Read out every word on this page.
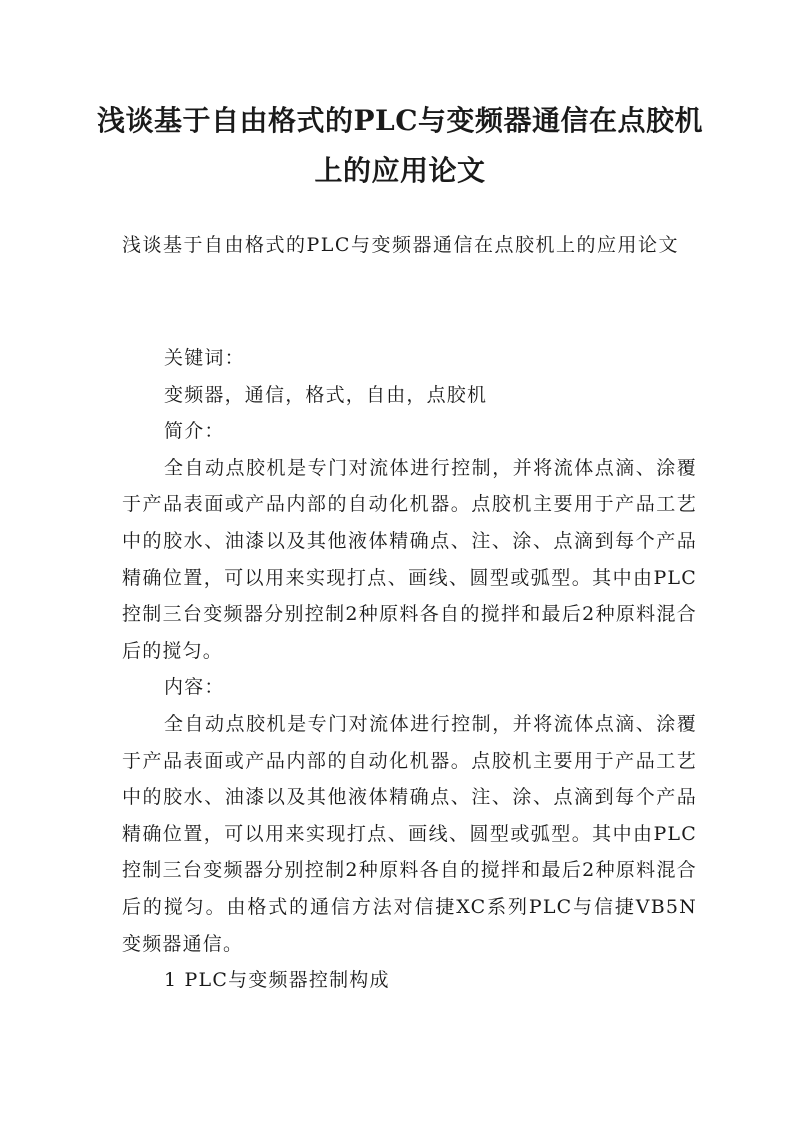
浅谈基于自由格式的PLC与变频器通信在点胶机上的应用论文

浅谈基于自由格式的PLC与变频器通信在点胶机上的应用论文

关键词：

变频器，通信，格式，自由，点胶机

简介：

全自动点胶机是专门对流体进行控制，并将流体点滴、涂覆于产品表面或产品内部的自动化机器。点胶机主要用于产品工艺中的胶水、油漆以及其他液体精确点、注、涂、点滴到每个产品精确位置，可以用来实现打点、画线、圆型或弧型。其中由PLC控制三台变频器分别控制2种原料各自的搅拌和最后2种原料混合后的搅匀。

内容：

全自动点胶机是专门对流体进行控制，并将流体点滴、涂覆于产品表面或产品内部的自动化机器。点胶机主要用于产品工艺中的胶水、油漆以及其他液体精确点、注、涂、点滴到每个产品精确位置，可以用来实现打点、画线、圆型或弧型。其中由PLC控制三台变频器分别控制2种原料各自的搅拌和最后2种原料混合后的搅匀。由格式的通信方法对信捷XC系列PLC与信捷VB5N变频器通信。

1 PLC与变频器控制构成
